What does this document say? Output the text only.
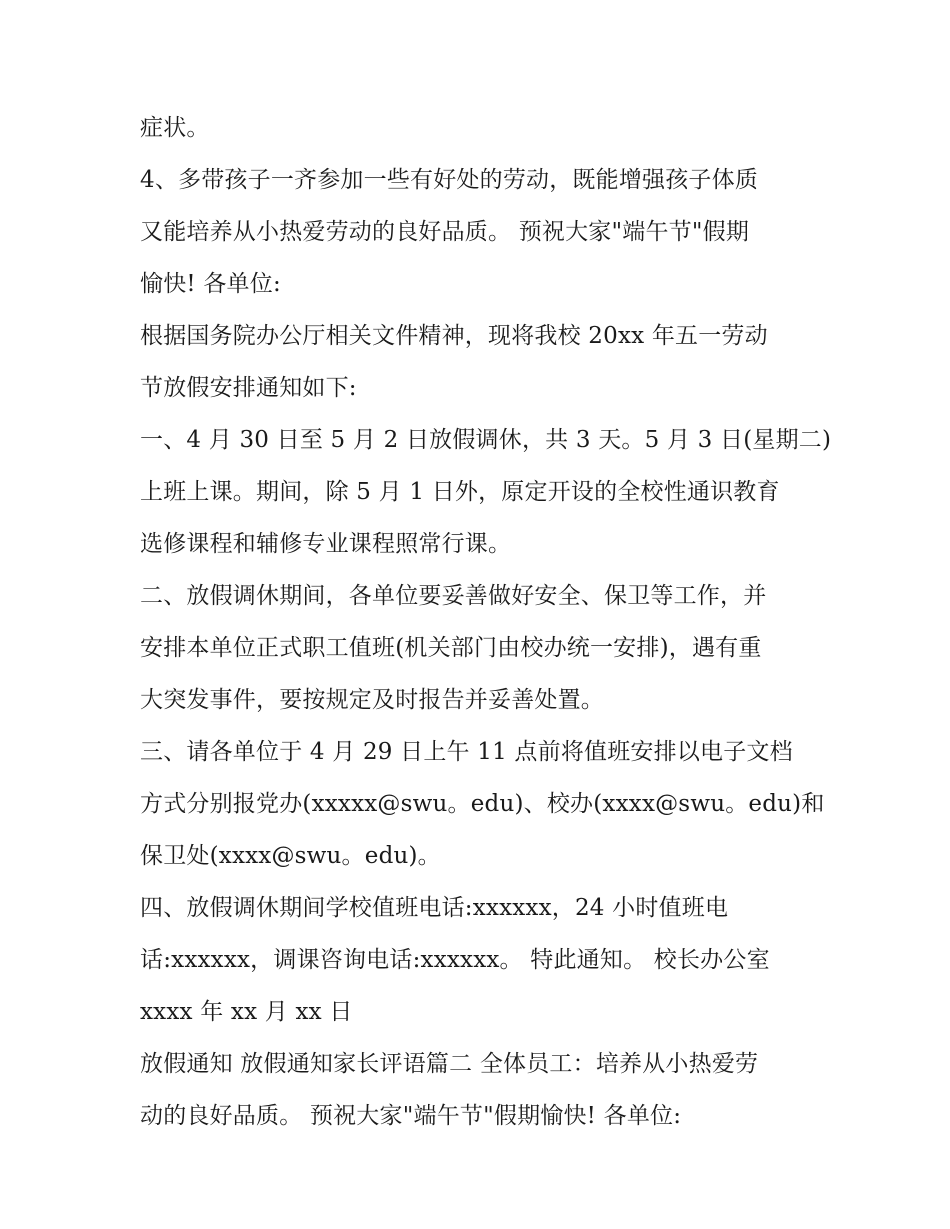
症状。
4、多带孩子一齐参加一些有好处的劳动，既能增强孩子体质
又能培养从小热爱劳动的良好品质。 预祝大家"端午节"假期
愉快! 各单位:
根据国务院办公厅相关文件精神，现将我校 20xx 年五一劳动
节放假安排通知如下:
一、4 月 30 日至 5 月 2 日放假调休，共 3 天。5 月 3 日(星期二)
上班上课。期间，除 5 月 1 日外，原定开设的全校性通识教育
选修课程和辅修专业课程照常行课。
二、放假调休期间，各单位要妥善做好安全、保卫等工作，并
安排本单位正式职工值班(机关部门由校办统一安排)，遇有重
大突发事件，要按规定及时报告并妥善处置。
三、请各单位于 4 月 29 日上午 11 点前将值班安排以电子文档
方式分别报党办(xxxxx@swu。edu)、校办(xxxx@swu。edu)和
保卫处(xxxx@swu。edu)。
四、放假调休期间学校值班电话:xxxxxx，24 小时值班电
话:xxxxxx，调课咨询电话:xxxxxx。 特此通知。 校长办公室
xxxx 年 xx 月 xx 日
放假通知 放假通知家长评语篇二 全体员工：培养从小热爱劳
动的良好品质。 预祝大家"端午节"假期愉快! 各单位:
